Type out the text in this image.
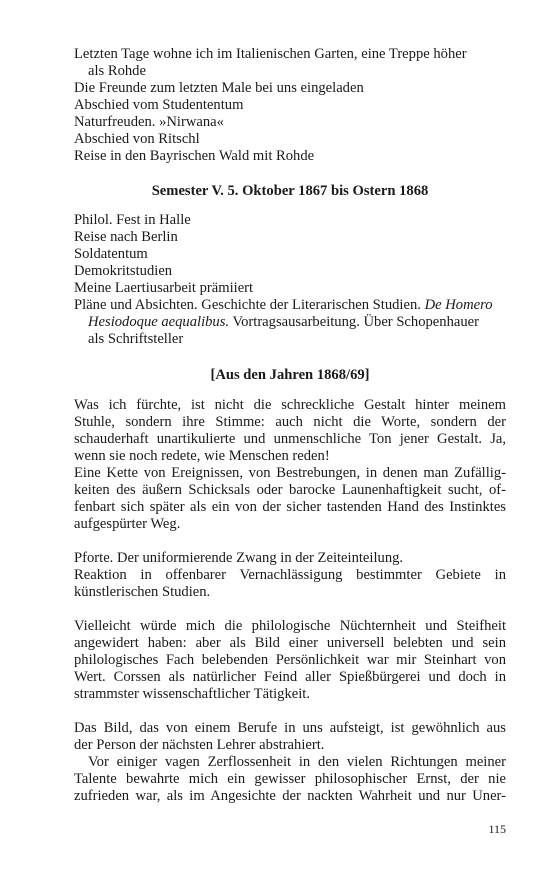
Letzten Tage wohne ich im Italienischen Garten, eine Treppe höher
als Rohde
Die Freunde zum letzten Male bei uns eingeladen
Abschied vom Studententum
Naturfreuden. »Nirwana«
Abschied von Ritschl
Reise in den Bayrischen Wald mit Rohde
Semester V. 5. Oktober 1867 bis Ostern 1868
Philol. Fest in Halle
Reise nach Berlin
Soldatentum
Demokritstudien
Meine Laertiusarbeit prämiiert
Pläne und Absichten. Geschichte der Literarischen Studien. De Homero
Hesiodoque aequalibus. Vortragsausarbeitung. Über Schopenhauer
als Schriftsteller
[Aus den Jahren 1868/69]
Was ich fürchte, ist nicht die schreckliche Gestalt hinter meinem
Stuhle, sondern ihre Stimme: auch nicht die Worte, sondern der
schauderhaft unartikulierte und unmenschliche Ton jener Gestalt. Ja,
wenn sie noch redete, wie Menschen reden!
Eine Kette von Ereignissen, von Bestrebungen, in denen man Zufällig-
keiten des äußern Schicksals oder barocke Launenhaftigkeit sucht, of-
fenbart sich später als ein von der sicher tastenden Hand des Instinktes
aufgespürter Weg.
Pforte. Der uniformierende Zwang in der Zeiteinteilung.
Reaktion in offenbarer Vernachlässigung bestimmter Gebiete in
künstlerischen Studien.
Vielleicht würde mich die philologische Nüchternheit und Steifheit
angewidert haben: aber als Bild einer universell belebten und sein
philologisches Fach belebenden Persönlichkeit war mir Steinhart von
Wert. Corssen als natürlicher Feind aller Spießbürgerei und doch in
strammster wissenschaftlicher Tätigkeit.
Das Bild, das von einem Berufe in uns aufsteigt, ist gewöhnlich aus
der Person der nächsten Lehrer abstrahiert.
Vor einiger vagen Zerflossenheit in den vielen Richtungen meiner
Talente bewahrte mich ein gewisser philosophischer Ernst, der nie
zufrieden war, als im Angesichte der nackten Wahrheit und nur Uner-
115
